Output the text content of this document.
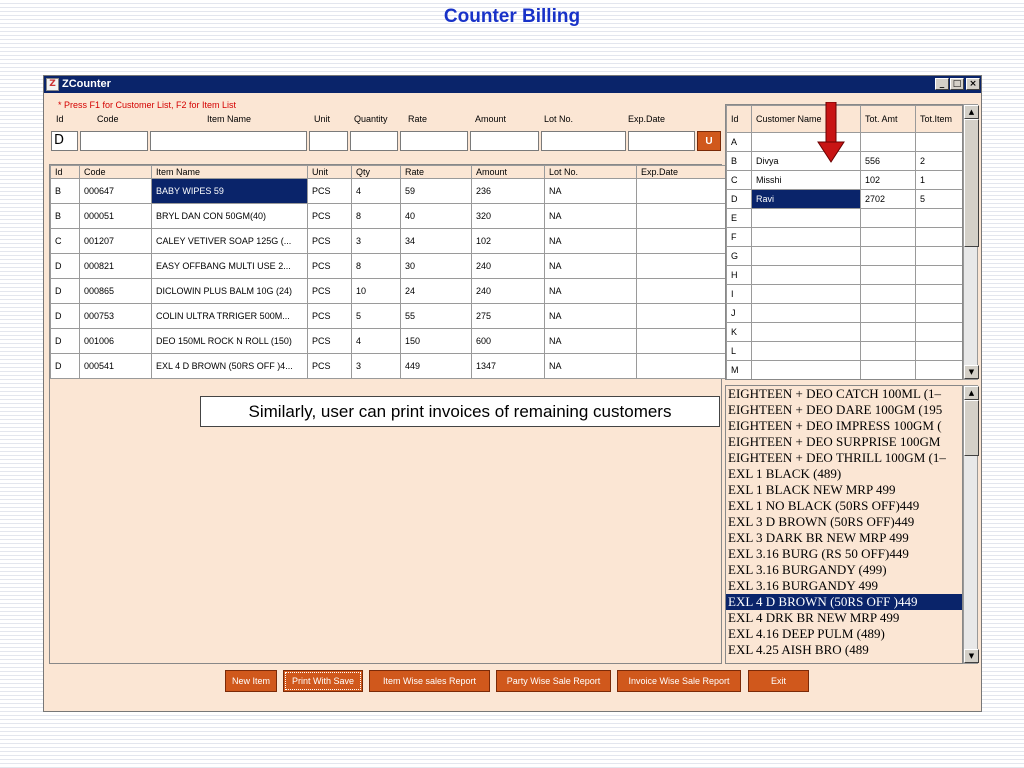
Counter Billing
Z ZCounter	_ □ ×
* Press F1 for Customer List, F2 for Item List
Id	Code	Item Name	Unit	Quantity Rate	Amount	Lot No.	Exp.Date
D	U
Id	Code	Item Name	Unit	Qty	Rate	Amount	Lot No.	Exp.Date
B	000647	BABY WIPES 59	PCS	4	59	236	NA	
B	000051	BRYL DAN CON 50GM(40)	PCS	8	40	320	NA	
C	001207	CALEY VETIVER SOAP 125G (...	PCS	3	34	102	NA	
D	000821	EASY OFFBANG MULTI USE 2...	PCS	8	30	240	NA	
D	000865	DICLOWIN PLUS BALM 10G (24)	PCS	10	24	240	NA	
D	000753	COLIN ULTRA TRRIGER 500M...	PCS	5	55	275	NA	
D	001006	DEO 150ML ROCK N ROLL (150)	PCS	4	150	600	NA	
D	000541	EXL 4 D BROWN (50RS OFF )4...	PCS	3	449	1347	NA	
Similarly, user can print invoices of remaining customers
Id	Customer Name	Tot. Amt	Tot.Item
A			
B	Divya	556	2
C	Misshi	102	1
D	Ravi	2702	5
E			
F			
G			
H			
I			
J			
K			
L			
M			
▲
▼
EIGHTEEN + DEO CATCH 100ML (1–
EIGHTEEN + DEO DARE 100GM (195
EIGHTEEN + DEO IMPRESS 100GM (
EIGHTEEN + DEO SURPRISE 100GM
EIGHTEEN + DEO THRILL 100GM (1–
EXL 1 BLACK (489)
EXL 1 BLACK NEW MRP 499
EXL 1 NO BLACK (50RS OFF)449
EXL 3 D BROWN (50RS OFF)449
EXL 3 DARK BR NEW MRP 499
EXL 3.16 BURG (RS 50 OFF)449
EXL 3.16 BURGANDY (499)
EXL 3.16 BURGANDY 499
EXL 4 D BROWN (50RS OFF )449
EXL 4 DRK BR NEW MRP 499
EXL 4.16 DEEP PULM (489)
EXL 4.25 AISH BRO (489
▲
▼
New Item	Print With Save	Item Wise sales Report	Party Wise Sale Report	Invoice Wise Sale Report	Exit
